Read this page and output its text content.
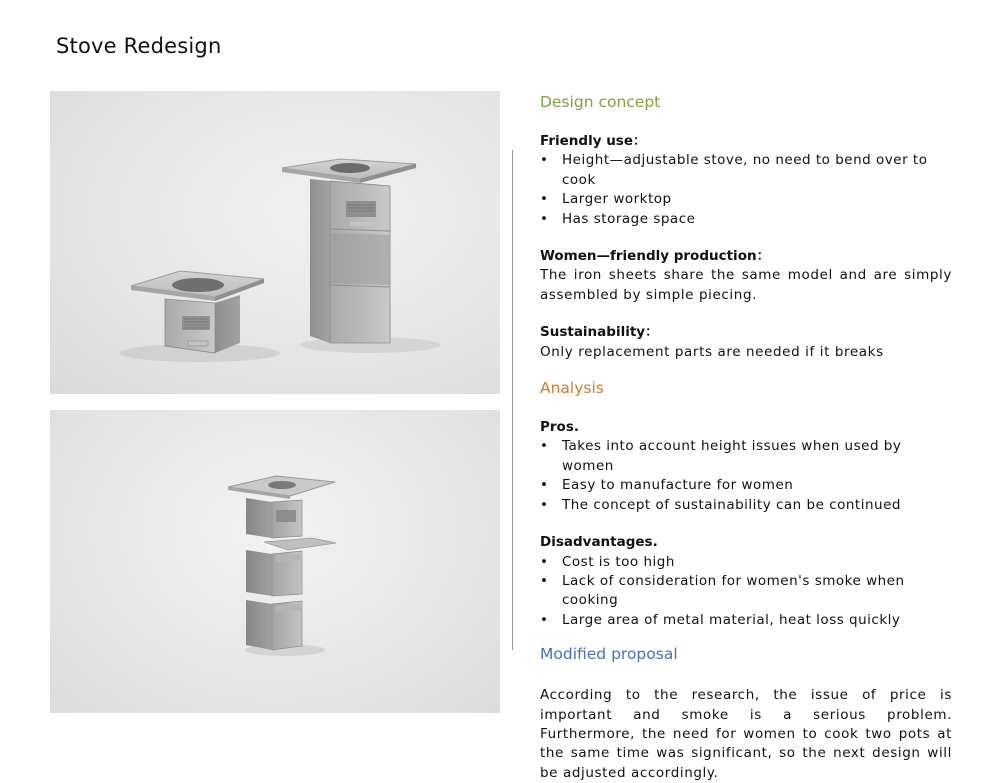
Stove Redesign
Design concept
Friendly use：
• Height—adjustable stove, no need to bend over to cook
• Larger worktop
• Has storage space
Women—friendly production：
The iron sheets share the same model and are simply assembled by simple piecing.
Sustainability：
Only replacement parts are needed if it breaks
Analysis
Pros.
• Takes into account height issues when used by women
• Easy to manufacture for women
• The concept of sustainability can be continued
Disadvantages.
• Cost is too high
• Lack of consideration for women's smoke when cooking
• Large area of metal material, heat loss quickly
Modified proposal
According to the research, the issue of price is important and smoke is a serious problem. Furthermore, the need for women to cook two pots at the same time was significant, so the next design will be adjusted accordingly.
